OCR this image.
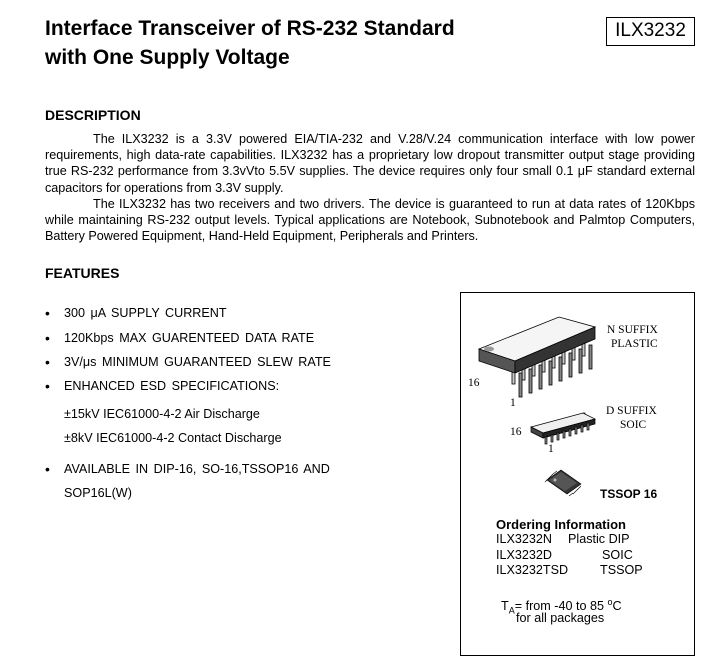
Interface Transceiver of RS-232 Standard
with One Supply Voltage
ILX3232
DESCRIPTION

The ILX3232 is a 3.3V powered EIA/TIA-232 and V.28/V.24 communication interface with low power requirements, high data-rate capabilities. ILX3232 has a proprietary low dropout transmitter output stage providing true RS-232 performance from 3.3vVto 5.5V supplies. The device requires only four small 0.1 μF standard external capacitors for operations from 3.3V supply.

The ILX3232 has two receivers and two drivers. The device is guaranteed to run at data rates of 120Kbps while maintaining RS-232 output levels. Typical applications are Notebook, Subnotebook and Palmtop Computers, Battery Powered Equipment, Hand-Held Equipment, Peripherals and Printers.

FEATURES
• 300 μA SUPPLY CURRENT
• 120Kbps MAX GUARENTEED DATA RATE
• 3V/μs MINIMUM GUARANTEED SLEW RATE
• ENHANCED ESD SPECIFICATIONS:
±15kV IEC61000-4-2 Air Discharge
±8kV IEC61000-4-2 Contact Discharge
• AVAILABLE IN DIP-16, SO-16,TSSOP16 AND
SOP16L(W)
N SUFFIX
PLASTIC
16
1
D SUFFIX
SOIC
16
1
TSSOP 16
Ordering Information
ILX3232N Plastic DIP
ILX3232D	SOIC
ILX3232TSD	TSSOP
$T_A=$ from -40 to 85 $^o$C
for all packages
